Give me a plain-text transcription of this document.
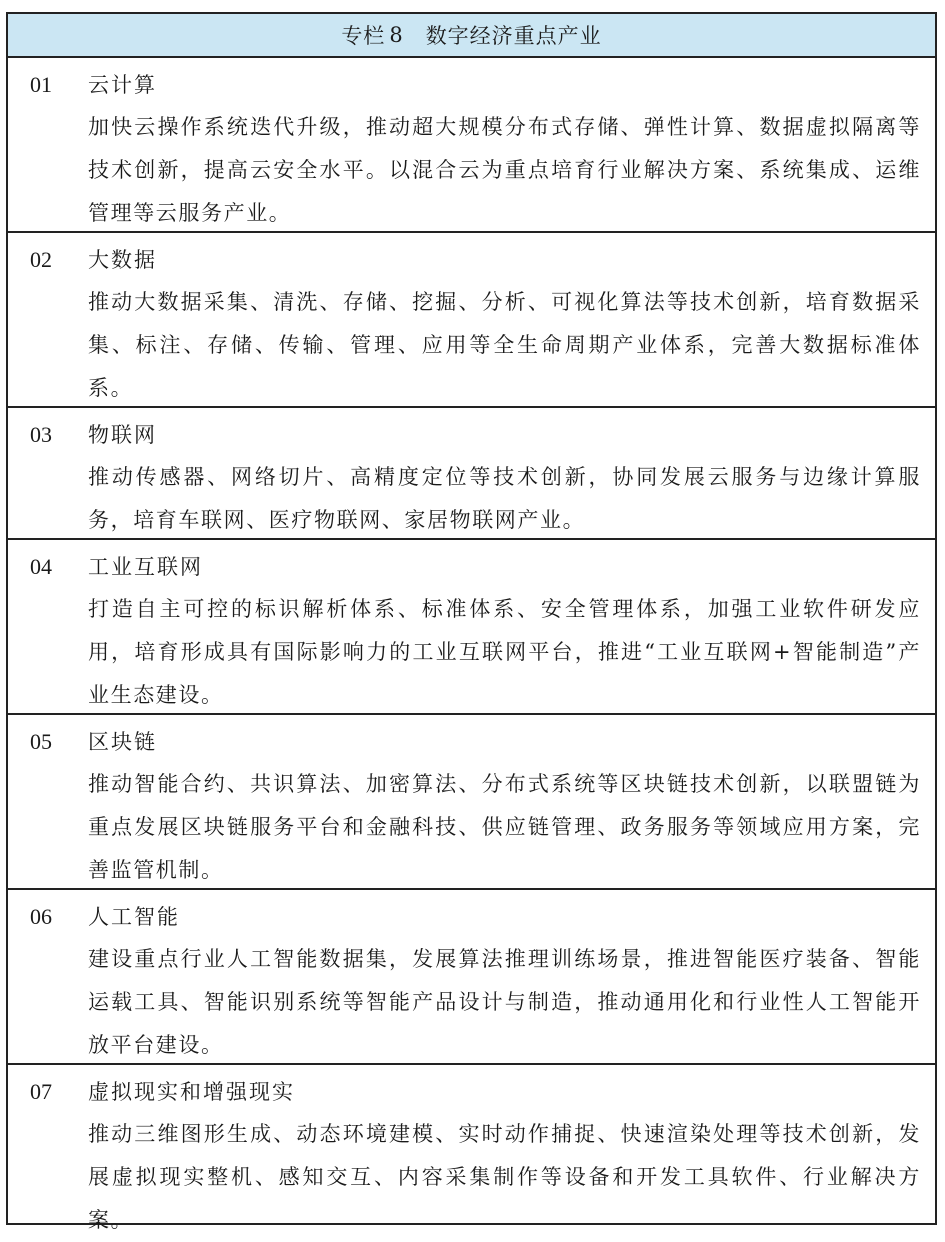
专栏 8 数字经济重点产业
01	云计算
加快云操作系统迭代升级，推动超大规模分布式存储、弹性计算、数据虚拟隔离等技术创新，提高云安全水平。以混合云为重点培育行业解决方案、系统集成、运维管理等云服务产业。
02	大数据
推动大数据采集、清洗、存储、挖掘、分析、可视化算法等技术创新，培育数据采集、标注、存储、传输、管理、应用等全生命周期产业体系，完善大数据标准体系。
03	物联网
推动传感器、网络切片、高精度定位等技术创新，协同发展云服务与边缘计算服务，培育车联网、医疗物联网、家居物联网产业。
04	工业互联网
打造自主可控的标识解析体系、标准体系、安全管理体系，加强工业软件研发应用，培育形成具有国际影响力的工业互联网平台，推进“工业互联网+智能制造”产业生态建设。
05	区块链
推动智能合约、共识算法、加密算法、分布式系统等区块链技术创新，以联盟链为重点发展区块链服务平台和金融科技、供应链管理、政务服务等领域应用方案，完善监管机制。
06	人工智能
建设重点行业人工智能数据集，发展算法推理训练场景，推进智能医疗装备、智能运载工具、智能识别系统等智能产品设计与制造，推动通用化和行业性人工智能开放平台建设。
07	虚拟现实和增强现实
推动三维图形生成、动态环境建模、实时动作捕捉、快速渲染处理等技术创新，发展虚拟现实整机、感知交互、内容采集制作等设备和开发工具软件、行业解决方案。
